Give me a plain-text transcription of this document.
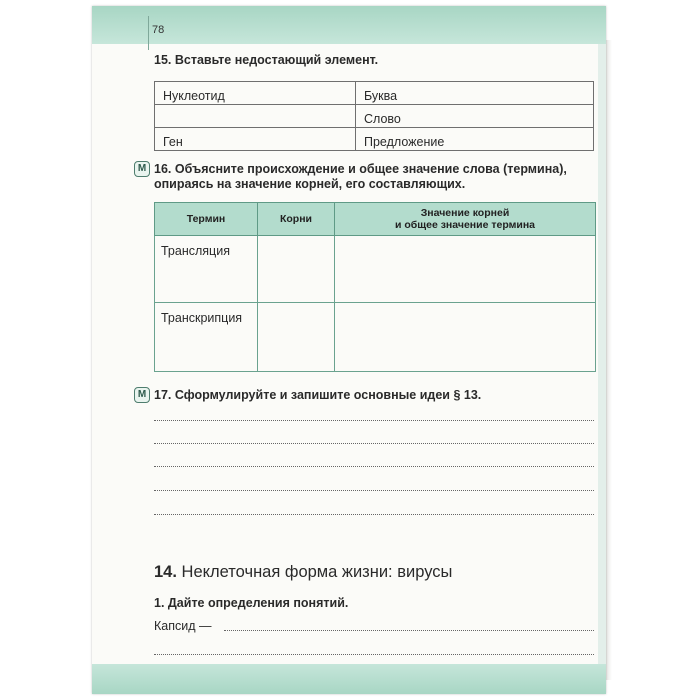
78
15. Вставьте недостающий элемент.
Нуклеотид	Буква
	Слово
Ген	Предложение
М 16. Объясните происхождение и общее значение слова (термина),
опираясь на значение корней, его составляющих.
Термин	Корни	Значение корней
и общее значение термина

Трансляция		
Транскрипция		
М 17. Сформулируйте и запишите основные идеи § 13.
14. Неклеточная форма жизни: вирусы
1. Дайте определения понятий.
Капсид —
